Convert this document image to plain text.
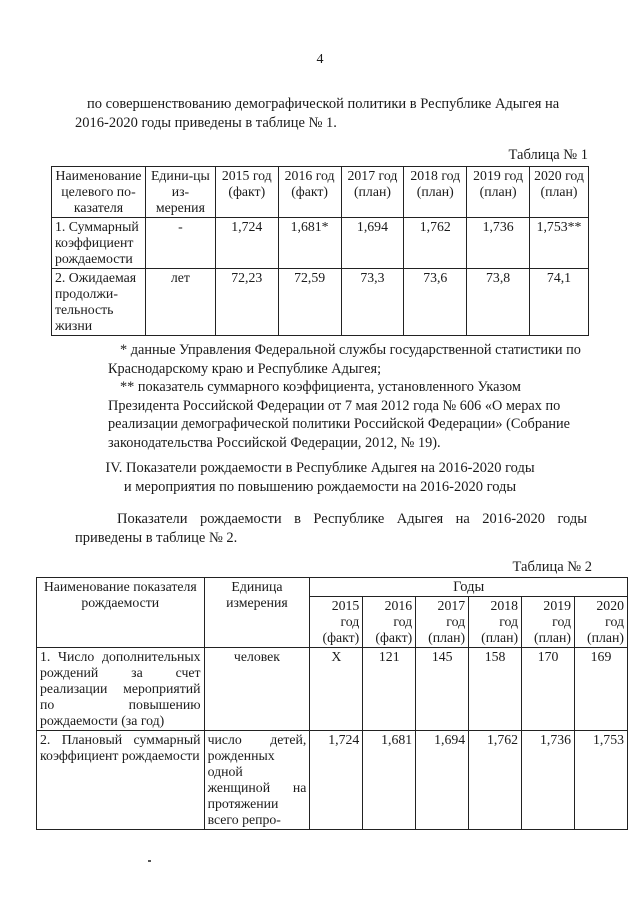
4
по совершенствованию демографической политики в Республике Адыгея на
2016-2020 годы приведены в таблице № 1.
Таблица № 1
Наименование целевого по-казателя	Едини-цы из-мерения	2015 год (факт)	2016 год (факт)	2017 год (план)	2018 год (план)	2019 год (план)	2020 год (план)
1. Суммарный коэффициент рождаемости	-	1,724	1,681*	1,694	1,762	1,736	1,753**
2. Ожидаемая продолжи-тельность жизни	лет	72,23	72,59	73,3	73,6	73,8	74,1
* данные Управления Федеральной службы государственной статистики по Краснодарскому краю и Республике Адыгея;
** показатель суммарного коэффициента, установленного Указом Президента Российской Федерации от 7 мая 2012 года № 606 «О мерах по реализации демографической политики Российской Федерации» (Собрание законодательства Российской Федерации, 2012, № 19).
IV. Показатели рождаемости в Республике Адыгея на 2016-2020 годы
и мероприятия по повышению рождаемости на 2016-2020 годы
Показатели рождаемости в Республике Адыгея на 2016-2020 годы приведены в таблице № 2.
Таблица № 2
Наименование показателя рождаемости	Единица измерения	Годы					
		2015 год (факт)	2016 год (факт)	2017 год (план)	2018 год (план)	2019 год (план)	2020 год (план)
1. Число дополнительных рождений за счет реализации мероприятий по повышению рождаемости (за год)	человек	Х	121	145	158	170	169
2. Плановый суммарный коэффициент рождаемости	число детей, рожденных одной женщиной на протяжении всего репро-	1,724	1,681	1,694	1,762	1,736	1,753
